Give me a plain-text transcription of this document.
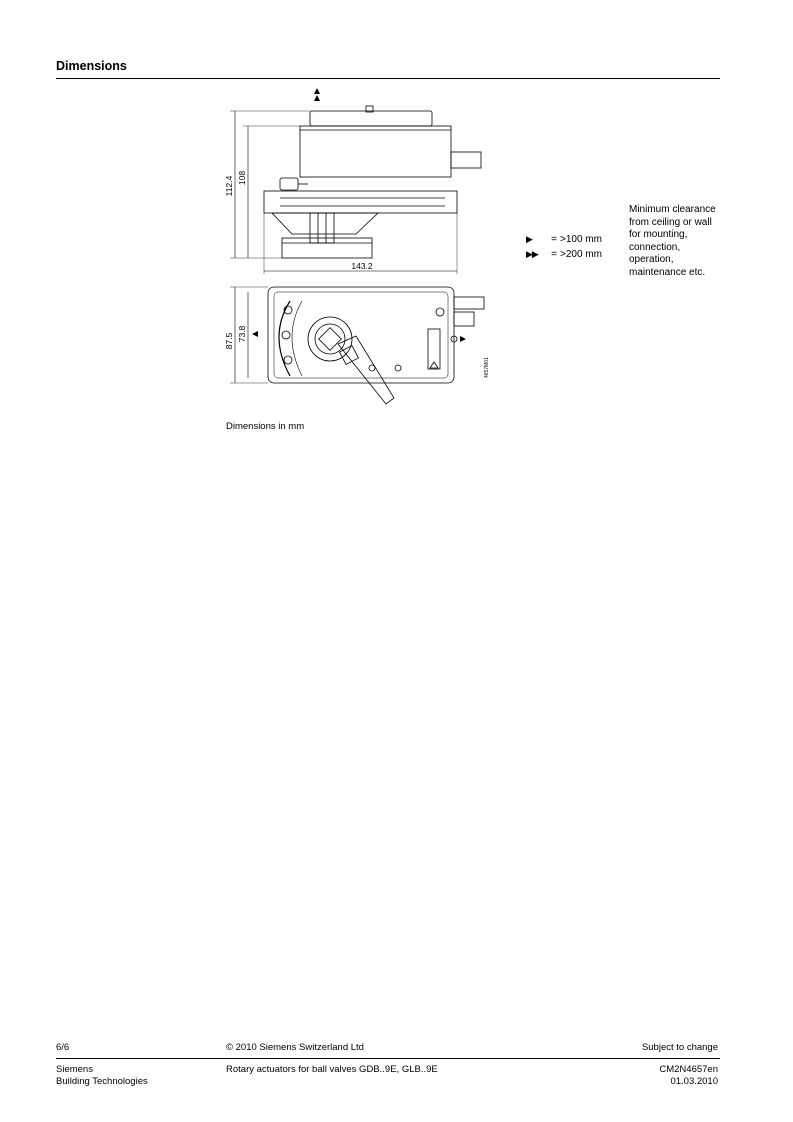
Dimensions
112.4 108
143.2
87.5 73.8
4657M01
▶	= >100 mm
▶▶	= >200 mm
Minimum clearance from ceiling or wall for mounting, connection, operation, maintenance etc.
Dimensions in mm
6/6	© 2010 Siemens Switzerland Ltd	Subject to change
Siemens
Building Technologies
Rotary actuators for ball valves GDB..9E, GLB..9E	CM2N4657en
01.03.2010
